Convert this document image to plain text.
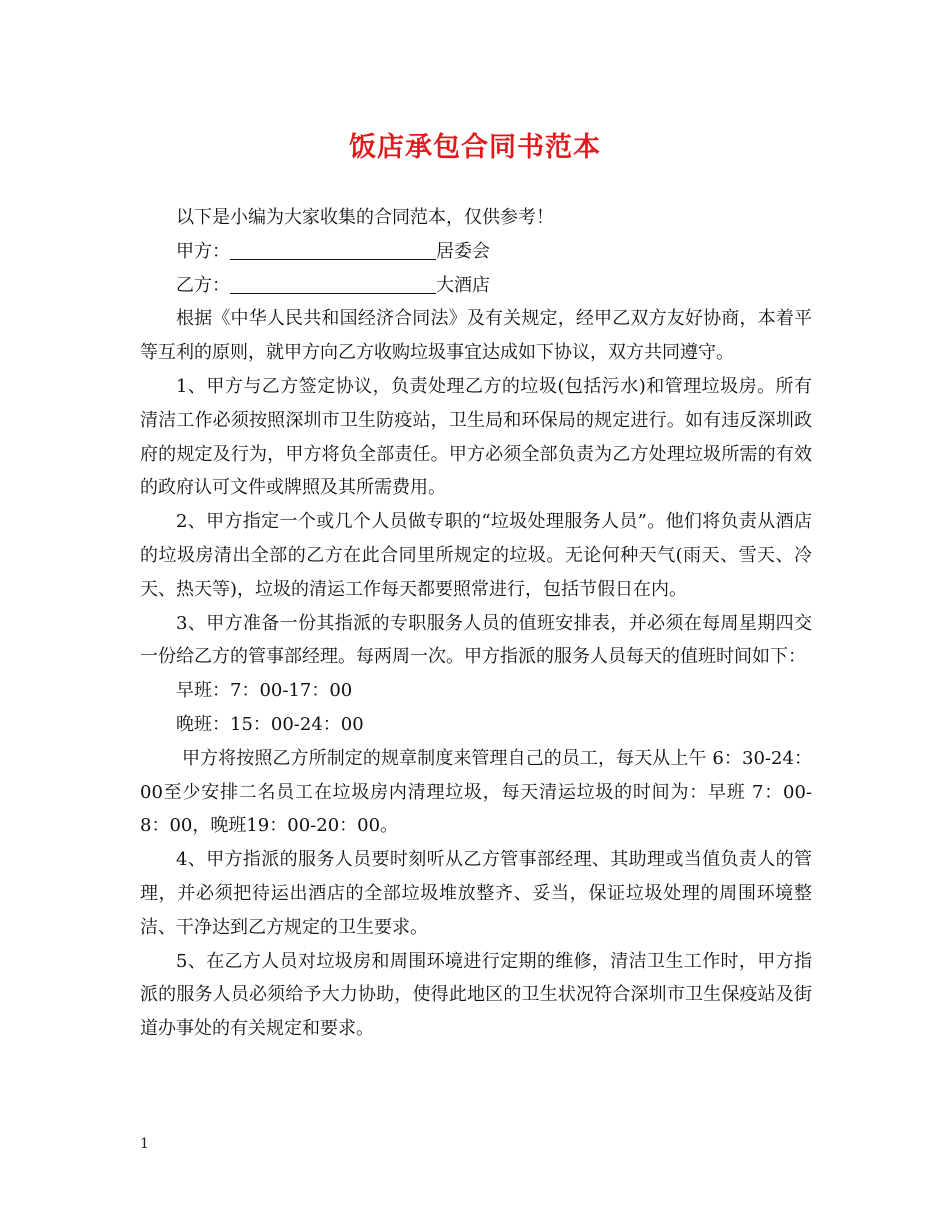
饭店承包合同书范本

以下是小编为大家收集的合同范本，仅供参考！

甲方：	居委会

乙方：	大酒店

根据《中华人民共和国经济合同法》及有关规定，经甲乙双方友好协商，本着平等互利的原则，就甲方向乙方收购垃圾事宜达成如下协议，双方共同遵守。

1、甲方与乙方签定协议，负责处理乙方的垃圾(包括污水)和管理垃圾房。所有清洁工作必须按照深圳市卫生防疫站，卫生局和环保局的规定进行。如有违反深圳政府的规定及行为，甲方将负全部责任。甲方必须全部负责为乙方处理垃圾所需的有效的政府认可文件或牌照及其所需费用。

2、甲方指定一个或几个人员做专职的“垃圾处理服务人员”。他们将负责从酒店的垃圾房清出全部的乙方在此合同里所规定的垃圾。无论何种天气(雨天、雪天、冷天、热天等)，垃圾的清运工作每天都要照常进行，包括节假日在内。

3、甲方准备一份其指派的专职服务人员的值班安排表，并必须在每周星期四交一份给乙方的管事部经理。每两周一次。甲方指派的服务人员每天的值班时间如下：

早班：7：00-17：00

晚班：15：00-24：00

甲方将按照乙方所制定的规章制度来管理自己的员工，每天从上午 6：30-24：00至少安排二名员工在垃圾房内清理垃圾，每天清运垃圾的时间为：早班 7：00-8：00，晚班19：00-20：00。

4、甲方指派的服务人员要时刻听从乙方管事部经理、其助理或当值负责人的管理，并必须把待运出酒店的全部垃圾堆放整齐、妥当，保证垃圾处理的周围环境整洁、干净达到乙方规定的卫生要求。

5、在乙方人员对垃圾房和周围环境进行定期的维修，清洁卫生工作时，甲方指派的服务人员必须给予大力协助，使得此地区的卫生状况符合深圳市卫生保疫站及街道办事处的有关规定和要求。

1
